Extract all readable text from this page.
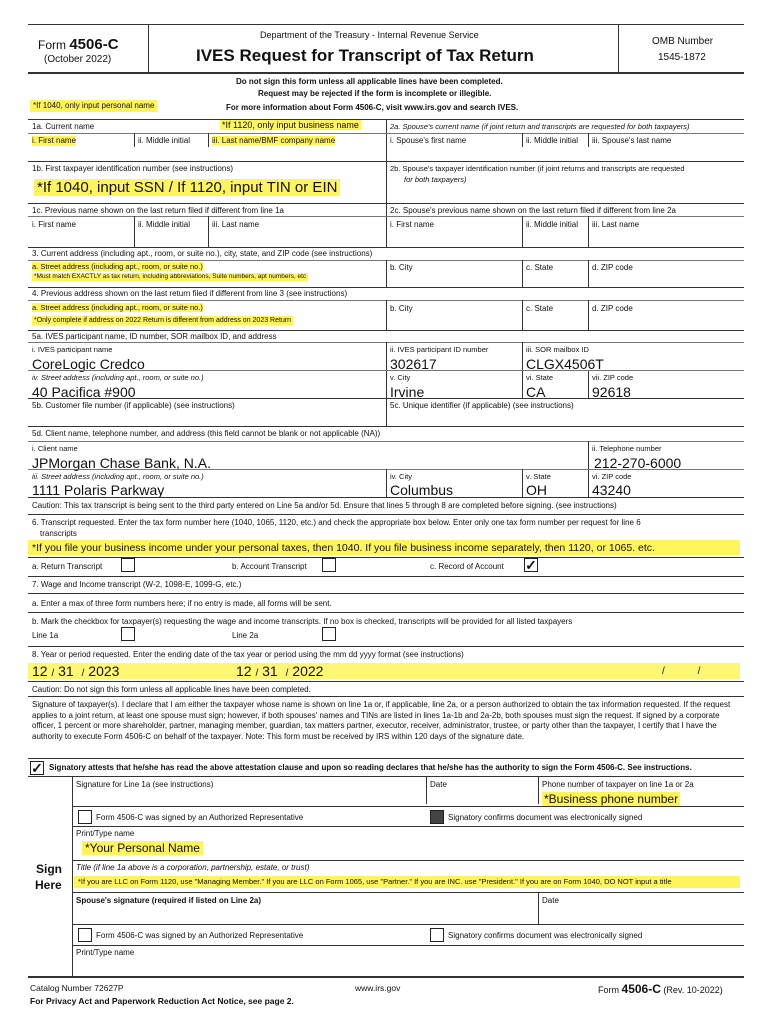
Form 4506-C
(October 2022)
Department of the Treasury - Internal Revenue Service
IVES Request for Transcript of Tax Return
OMB Number
1545-1872
Do not sign this form unless all applicable lines have been completed.
Request may be rejected if the form is incomplete or illegible.
For more information about Form 4506-C, visit www.irs.gov and search IVES.
*If 1040, only input personal name
1a. Current name	*If 1120, only input business name	2a. Spouse's current name (if joint return and transcripts are requested for both taxpayers)
i. First name	ii. Middle initial	iii. Last name/BMF company name	i. Spouse's first name	ii. Middle initial iii. Spouse's last name
1b. First taxpayer identification number (see instructions)
*If 1040, input SSN / If 1120, input TIN or EIN
2b. Spouse's taxpayer identification number (if joint returns and transcripts are requested
for both taxpayers)
1c. Previous name shown on the last return filed if different from line 1a	2c. Spouse's previous name shown on the last return filed if different from line 2a
i. First name	ii. Middle initial	iii. Last name	i. First name	ii. Middle initial iii. Last name
3. Current address (including apt., room, or suite no.), city, state, and ZIP code (see instructions)
a. Street address (including apt., room, or suite no.)
*Must match EXACTLY as tax return, including abbreviations, Suite numbers, apt numbers, etc
b. City	c. State	d. ZIP code
4. Previous address shown on the last return filed if different from line 3 (see instructions)
a. Street address (including apt., room, or suite no.)
*Only complete if address on 2022 Return is different from address on 2023 Return
b. City	c. State	d. ZIP code
5a. IVES participant name, ID number, SOR mailbox ID, and address
i. IVES participant name
CoreLogic Credco
ii. IVES participant ID number
302617
iii. SOR mailbox ID
CLGX4506T
iv. Street address (including apt., room, or suite no.)
40 Pacifica #900
v. City
Irvine
vi. State
CA
vii. ZIP code
92618
5b. Customer file number (if applicable) (see instructions)	5c. Unique identifier (if applicable) (see instructions)
5d. Client name, telephone number, and address (this field cannot be blank or not applicable (NA))
i. Client name
JPMorgan Chase Bank, N.A.
ii. Telephone number
212-270-6000
iii. Street address (including apt., room, or suite no.)
1111 Polaris Parkway
iv. City
Columbus
v. State
OH
vi. ZIP code
43240
Caution: This tax transcript is being sent to the third party entered on Line 5a and/or 5d. Ensure that lines 5 through 8 are completed before signing. (see instructions)
6. Transcript requested. Enter the tax form number here (1040, 1065, 1120, etc.) and check the appropriate box below. Enter only one tax form number per request for line 6
transcripts
*If you file your business income under your personal taxes, then 1040. If you file business income separately, then 1120, or 1065. etc.
a. Return Transcript	b. Account Transcript	c. Record of Account ✓
7. Wage and Income transcript (W-2, 1098-E, 1099-G, etc.)
a. Enter a max of three form numbers here; if no entry is made, all forms will be sent.
b. Mark the checkbox for taxpayer(s) requesting the wage and income transcripts. If no box is checked, transcripts will be provided for all listed taxpayers
Line 1a	Line 2a
8. Year or period requested. Enter the ending date of the tax year or period using the mm dd yyyy format (see instructions)
12 / 31 / 2023	12 / 31 / 2022	/	/
Caution: Do not sign this form unless all applicable lines have been completed.
Signature of taxpayer(s). I declare that I am either the taxpayer whose name is shown on line 1a or, if applicable, line 2a, or a person authorized to obtain the tax information requested. If the request applies to a joint return, at least one spouse must sign; however, if both spouses' names and TINs are listed in lines 1a-1b and 2a-2b, both spouses must sign the request. If signed by a corporate officer, 1 percent or more shareholder, partner, managing member, guardian, tax matters partner, executor, receiver, administrator, trustee, or party other than the taxpayer, I certify that I have the authority to execute Form 4506-C on behalf of the taxpayer. Note: This form must be received by IRS within 120 days of the signature date.
✓ Signatory attests that he/she has read the above attestation clause and upon so reading declares that he/she has the authority to sign the Form 4506-C. See instructions.
Sign
Here
Signature for Line 1a (see instructions)	Date	Phone number of taxpayer on line 1a or 2a
*Business phone number
Form 4506-C was signed by an Authorized Representative	Signatory confirms document was electronically signed
Print/Type name
*Your Personal Name
Title (if line 1a above is a corporation, partnership, estate, or trust)
*If you are LLC on Form 1120, use "Managing Member." If you are LLC on Form 1065, use "Partner." If you are INC. use "President." If you are on Form 1040, DO NOT input a title
Spouse's signature (required if listed on Line 2a)	Date
Form 4506-C was signed by an Authorized Representative	Signatory confirms document was electronically signed
Print/Type name
Catalog Number 72627P	www.irs.gov	Form 4506-C (Rev. 10-2022)
For Privacy Act and Paperwork Reduction Act Notice, see page 2.
